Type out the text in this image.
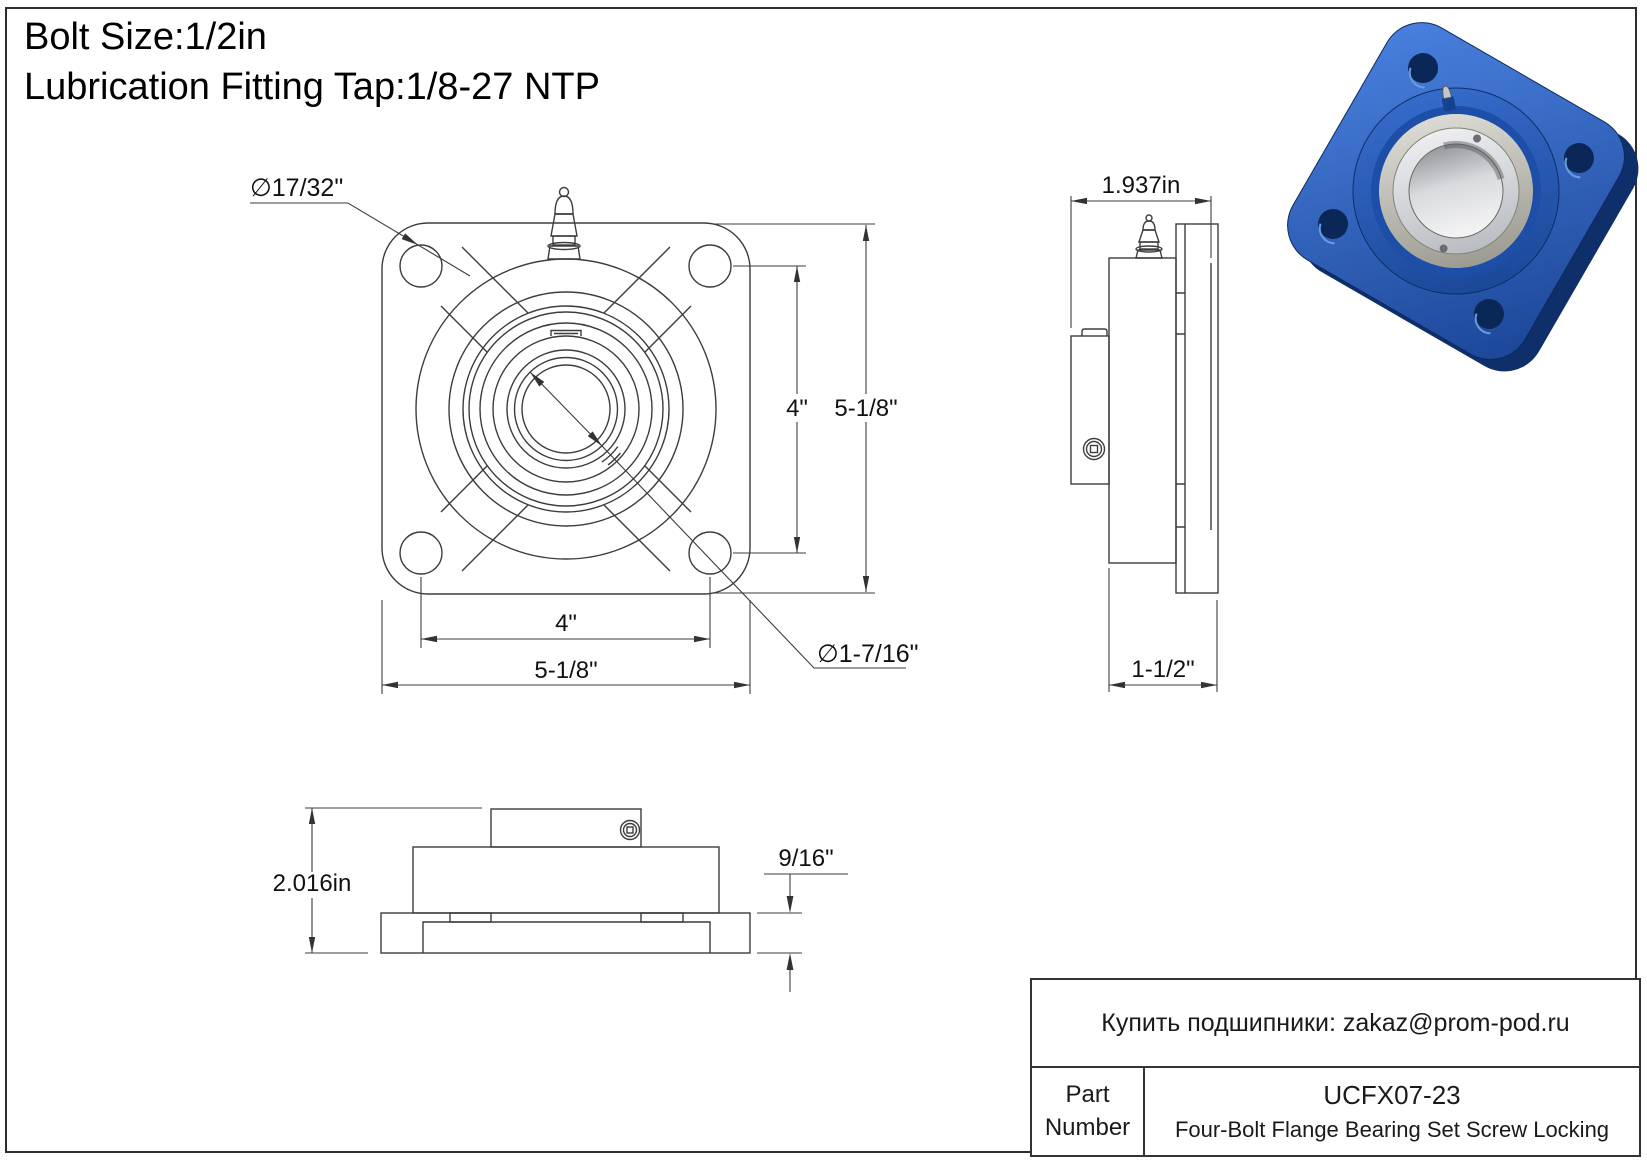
Bolt Size:1/2in
Lubrication Fitting Tap:1/8-27 NTP
∅17/32"
∅1-7/16"
4" 5-1/8"
4"
5-1/8"
1.937in
1-1/2"
2.016in
9/16"
Купить подшипники: zakaz@prom-pod.ru
Part Number
UCFX07-23
Four-Bolt Flange Bearing Set Screw Locking
